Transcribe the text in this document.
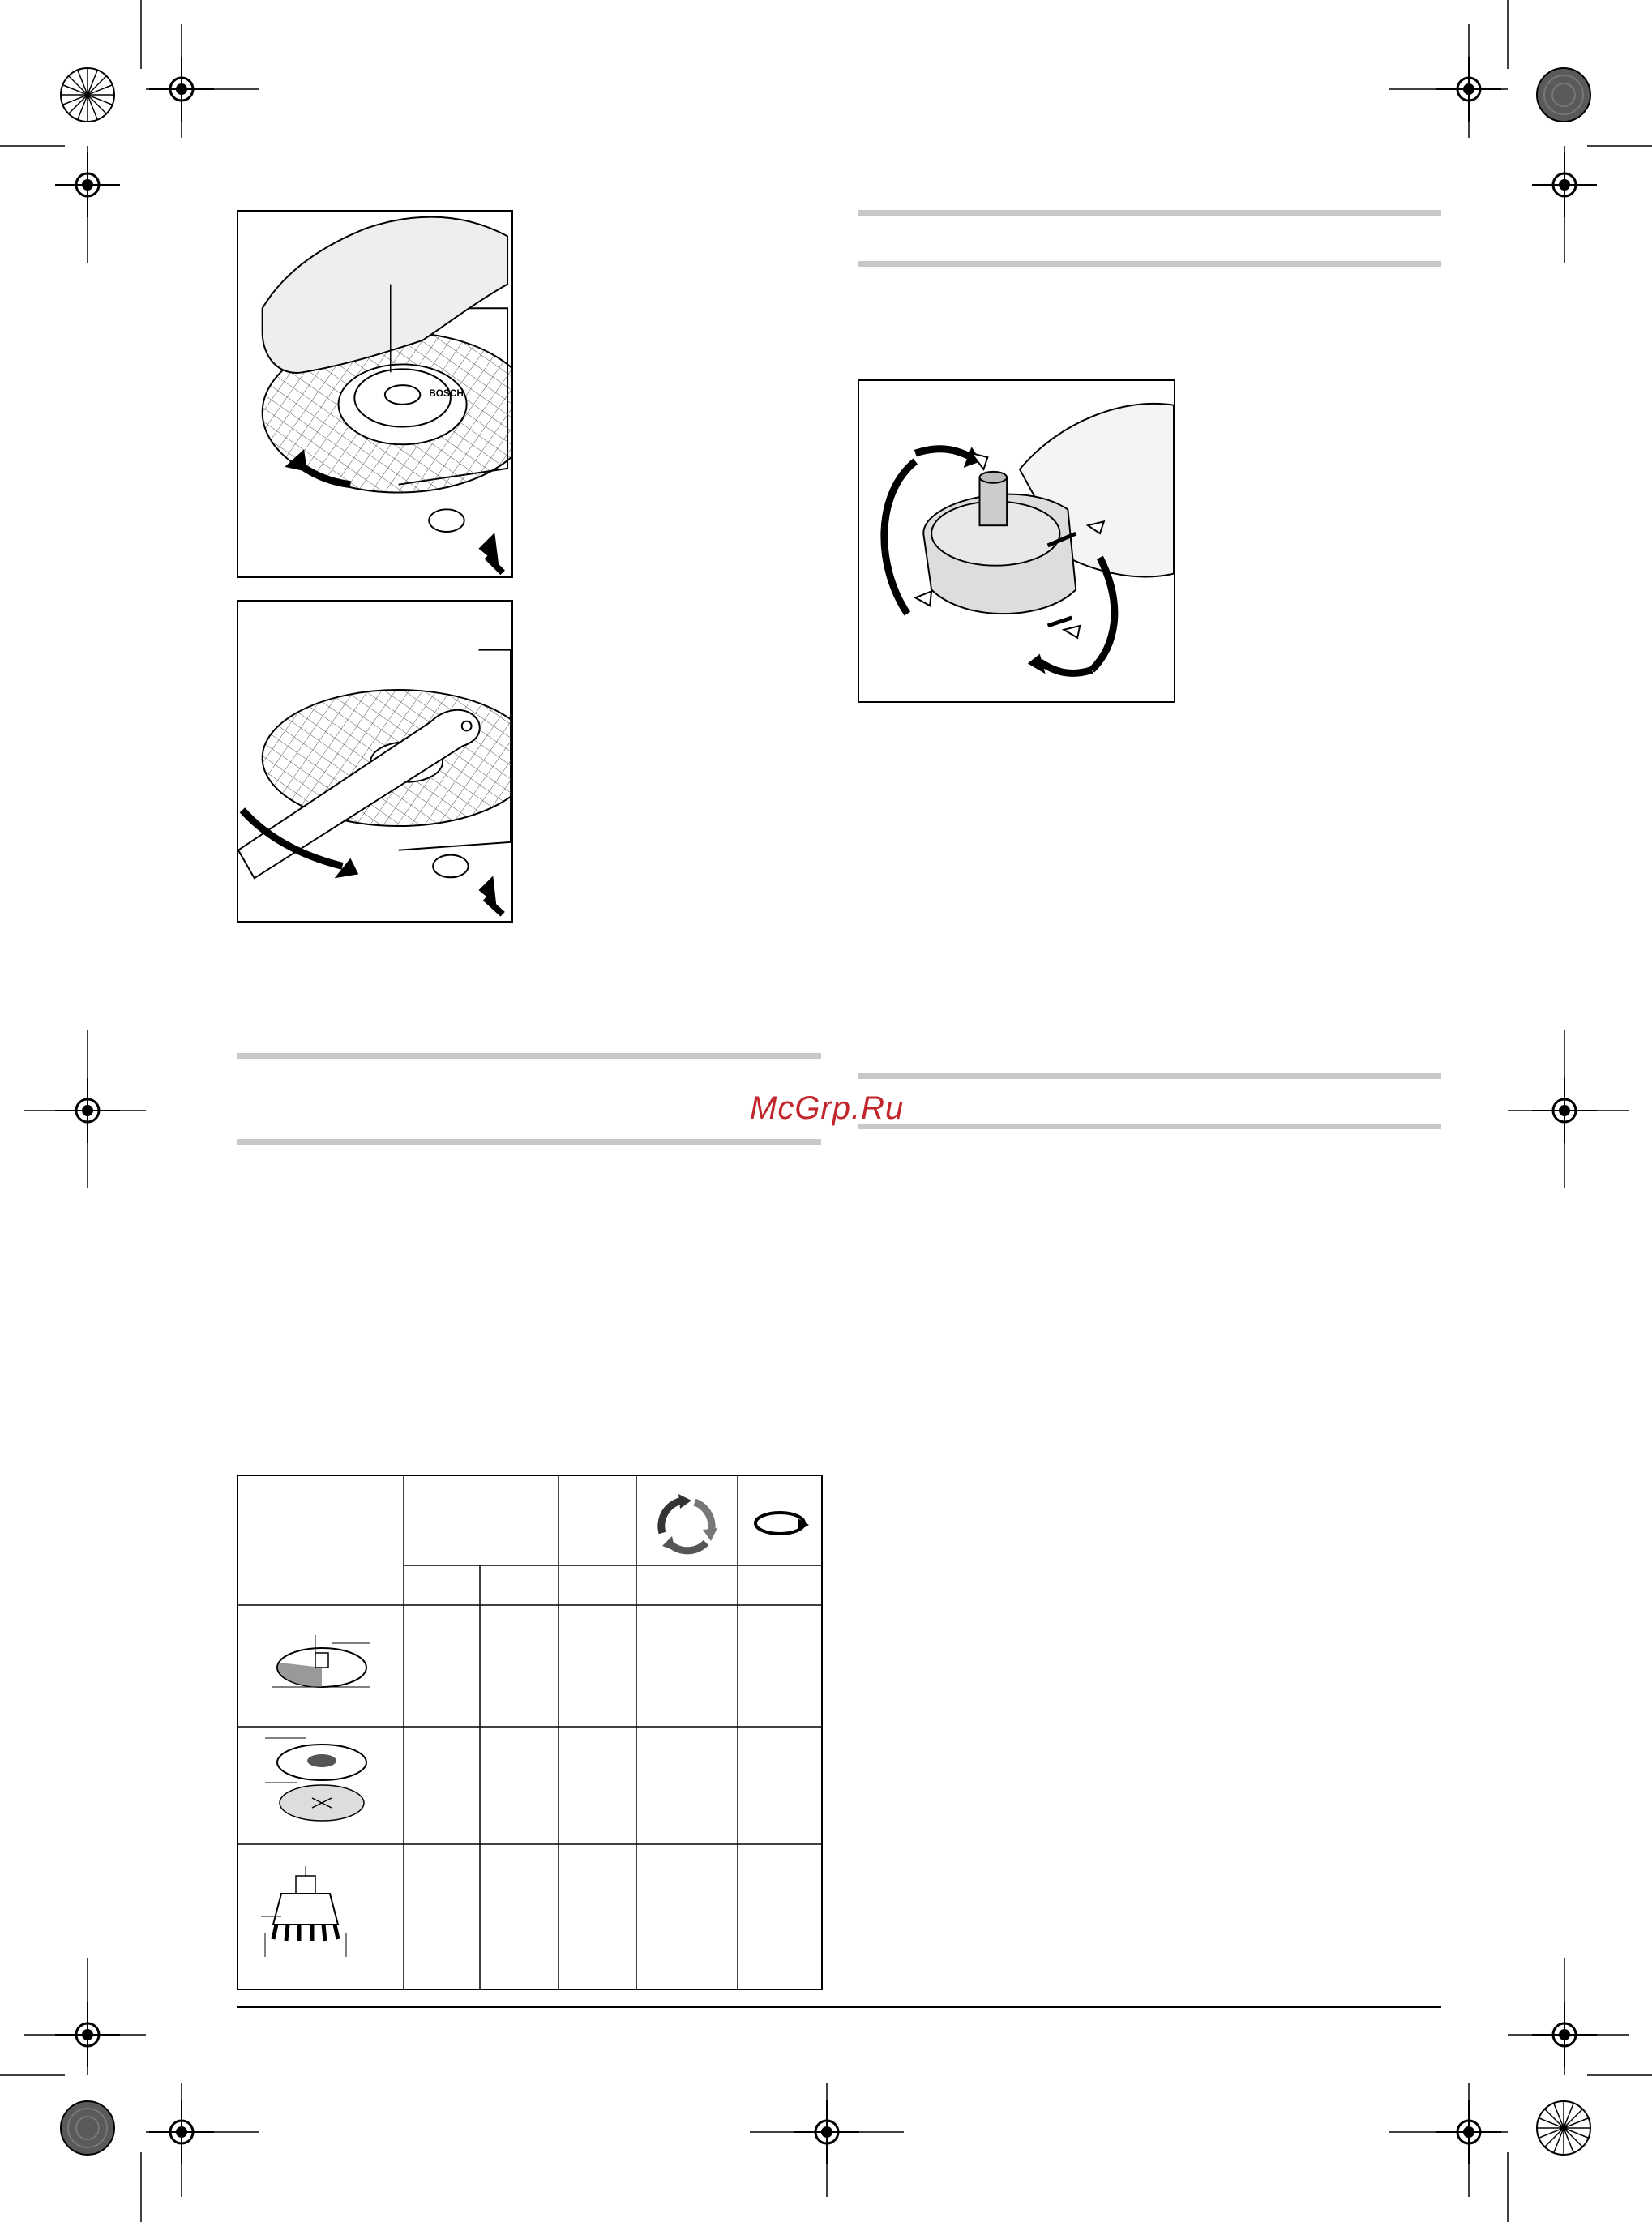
BOSCH
McGrp.Ru
